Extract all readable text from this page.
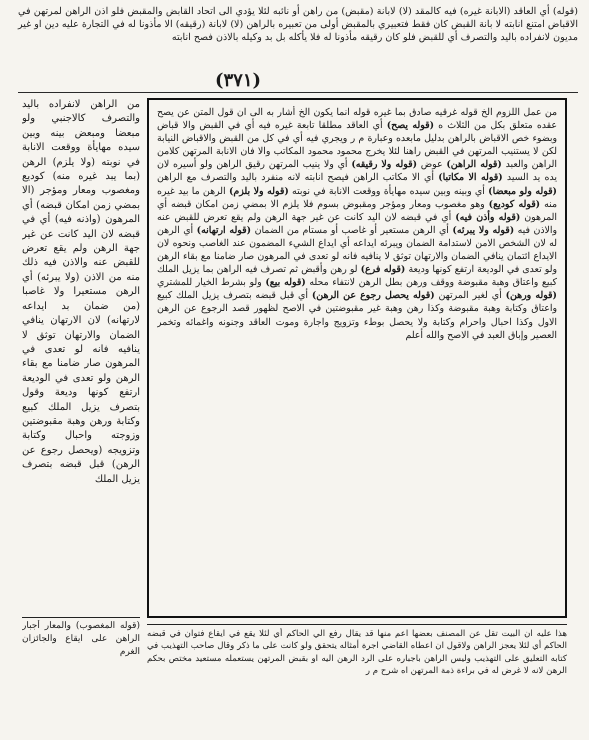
(قوله) أي العاقد (الابانة غيره) فيه كالمقد (لا) لابانة (مقبض) من راهن أو نائبه لئلا يؤدي الى اتحاد القابض والمقبض فلو اذن الراهن لمرتهن في الاقباض امتنع انابته لا بانة القبض كان فقط فتعبيري بالمقبض أولى من تعبيره بالراهن (لا) لابانة (رقيقه) الا مأذونا له في التجارة عليه دين او غير مديون لانفراده باليد والتصرف أي للقبض فلو كان رقيقه مأذونا له فلا يأكله بل بد وكيله بالاذن فصح انابته
(٣٧١)
من عمل اللزوم الخ قوله غرقيه صادق بما غيره قوله انما يكون الخ أشار به الى ان قول المتن عن يصح عقده متعلق بكل من الثلاث ه (قوله يصح) أي العاقد مطلقا تابعة غيره فيه أي في القبض والا قباض وبضوء خص الاقباض بالراهن بدليل مابعده وعبارة م ر ويجري فيه أي في كل من القبض والاقباض النيابة لكن لا يستنيب المرتهن في القبض راهنا لئلا يخرج محمود محمود المكاتب والا فان الانابة المرتهن كلامن الراهن والعبد (قوله الراهن) عوض (قوله ولا رقيقه) أي ولا ينيب المرتهن رقيق الراهن ولو أسيره لان يده يد السيد (قوله الا مكاتبا) أي الا مكاتب الراهن فيصح انابته لانه منفرد باليد والتصرف مع الراهن (قوله ولو مبعضا) أي وبينه وبين سيده مهايأة ووقعت الانابة في نوبته (قوله ولا بلزم) الرهن ما بيد غيره منه (قوله كوديع) وهو مغصوب ومعار ومؤجر ومقبوض بسوم فلا يلزم الا بمضي زمن امكان قبضه أي المرهون (قوله وأذن فيه) أي في قبضه لان اليد كانت عن غير جهة الرهن ولم يقع تعرض للقبض عنه والاذن فيه (قوله ولا يبرئه) أي الرهن مستعير أو غاصب أو مستام من الضمان (قوله ارتهانه) أي الرهن له لان الشخص الامن لاستدامة الضمان ويبرئه ايداعه أي ايداع الشيء المضمون عند الغاصب ونحوه لان الايداع ائتمان ينافي الضمان والارتهان توثق لا ينافيه فانه لو تعدى في المرهون صار ضامنا مع بقاء الرهن ولو تعدى في الوديعة ارتفع كونها وديعة (قوله فرع) لو رهن وأقبض ثم تصرف فيه الراهن بما يزيل الملك كبيع واعتاق وهبة مقبوضة ووقف ورهن بطل الرهن لانتفاء محله (قوله بيع) ولو بشرط الخيار للمشتري (قوله ورهن) أي لغير المرتهن (قوله يحصل رجوع عن الرهن) أي قبل قبضه بتصرف يزيل الملك كبيع واعتاق وكتابة وهبة مقبوضة وكذا رهن وهبة غير مقبوضتين في الاصح لظهور قصد الرجوع عن الرهن الاول وكذا احبال واحرام وكتابة ولا يحصل بوطء وتزويج واجارة وموت العاقد وجنونه واغمائه وتخمر العصير وإباق العبد في الاصح والله أعلم
من الراهن لانفراده باليد والتصرف كالاجنبي ولو مبعضا ومبعض بينه وبين سيده مهايأة ووقعت الانابة في نوبته (ولا يلزم) الرهن (بما يبد غيره منه) كوديع ومغصوب ومعار ومؤجر (الا بمضي زمن امكان قبضه) أي المرهون (واذنه فيه) أي في قبضه لان اليد كانت عن غير جهة الرهن ولم يقع تعرض للقبض عنه والاذن فيه ذلك منه من الاذن (ولا يبرئه) أي الرهن مستعيرا ولا غاصبا (من ضمان بد ايداعه لارتهانه) لان الارتهان ينافي الضمان والارتهان توثق لا ينافيه فانه لو تعدى في المرهون صار ضامنا مع بقاء الرهن ولو تعدى في الوديعة ارتفع كونها وديعة وقول بتصرف يزيل الملك كبيع وكتابة ورهن وهبة مقبوضتين وزوجته واحبال وكتابة وتزويجه (ويحصل رجوع عن الرهن) قبل قبضه بتصرف يزيل الملك
(قوله المغصوب) والمعار أجبار الراهن على ايقاع والجائزان الغرم
هذا عليه ان البيت تقل عن المصنف بعضها اعم منها قد يقال رفع الي الحاكم أي لئلا يقع في ايقاع فتوان في قبضه الحاكم أي لئلا يعجز الراهن ولاقول ان اعطاه القاضي اجرة أمثاله يتحقق ولو كانت على ما ذكر وقال صاحب التهذيب في كتابه التعليق على التهذيب وليس الراهن باجباره على الرد الرهن اليه او بقبض المرتهن يستعمله مستعيد مختص بحكم الرهن لانه لا غرض له في براءة ذمة المرتهن اه شرح م ر
